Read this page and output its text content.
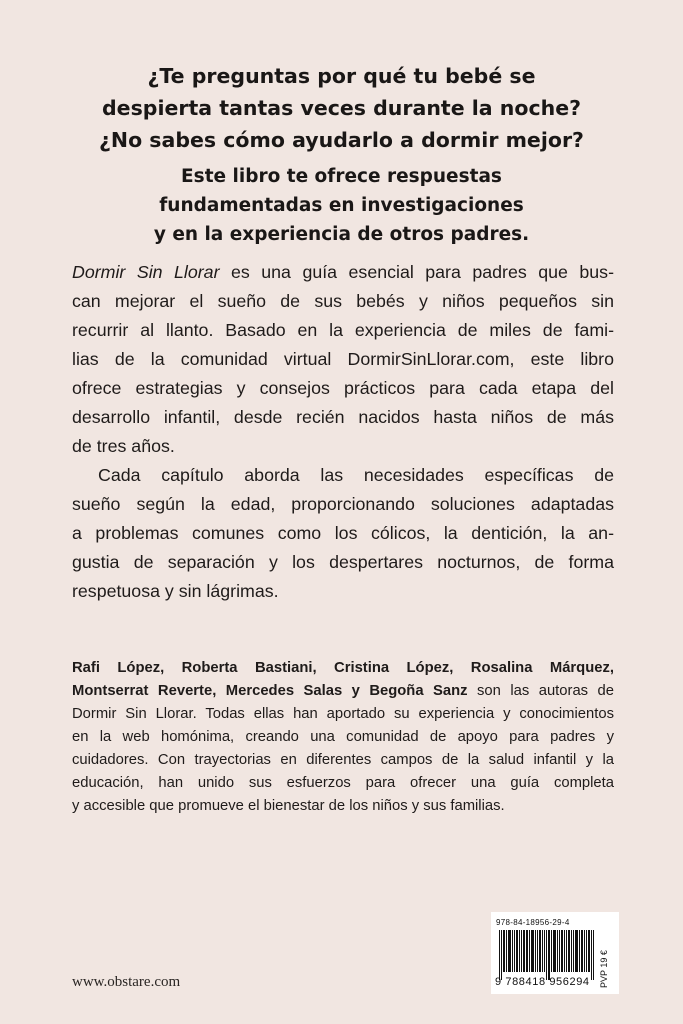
¿Te preguntas por qué tu bebé se
despierta tantas veces durante la noche?
¿No sabes cómo ayudarlo a dormir mejor?
Este libro te ofrece respuestas
fundamentadas en investigaciones
y en la experiencia de otros padres.
Dormir Sin Llorar es una guía esencial para padres que bus-
can mejorar el sueño de sus bebés y niños pequeños sin
recurrir al llanto. Basado en la experiencia de miles de fami-
lias de la comunidad virtual DormirSinLlorar.com, este libro
ofrece estrategias y consejos prácticos para cada etapa del
desarrollo infantil, desde recién nacidos hasta niños de más
de tres años.
Cada capítulo aborda las necesidades específicas de
sueño según la edad, proporcionando soluciones adaptadas
a problemas comunes como los cólicos, la dentición, la an-
gustia de separación y los despertares nocturnos, de forma
respetuosa y sin lágrimas.
Rafi López, Roberta Bastiani, Cristina López, Rosalina Márquez,
Montserrat Reverte, Mercedes Salas y Begoña Sanz son las autoras de
Dormir Sin Llorar. Todas ellas han aportado su experiencia y conocimientos
en la web homónima, creando una comunidad de apoyo para padres y
cuidadores. Con trayectorias en diferentes campos de la salud infantil y la
educación, han unido sus esfuerzos para ofrecer una guía completa
y accesible que promueve el bienestar de los niños y sus familias.
www.obstare.com
978-84-18956-29-4
9 788418 956294 PVP 19 €
